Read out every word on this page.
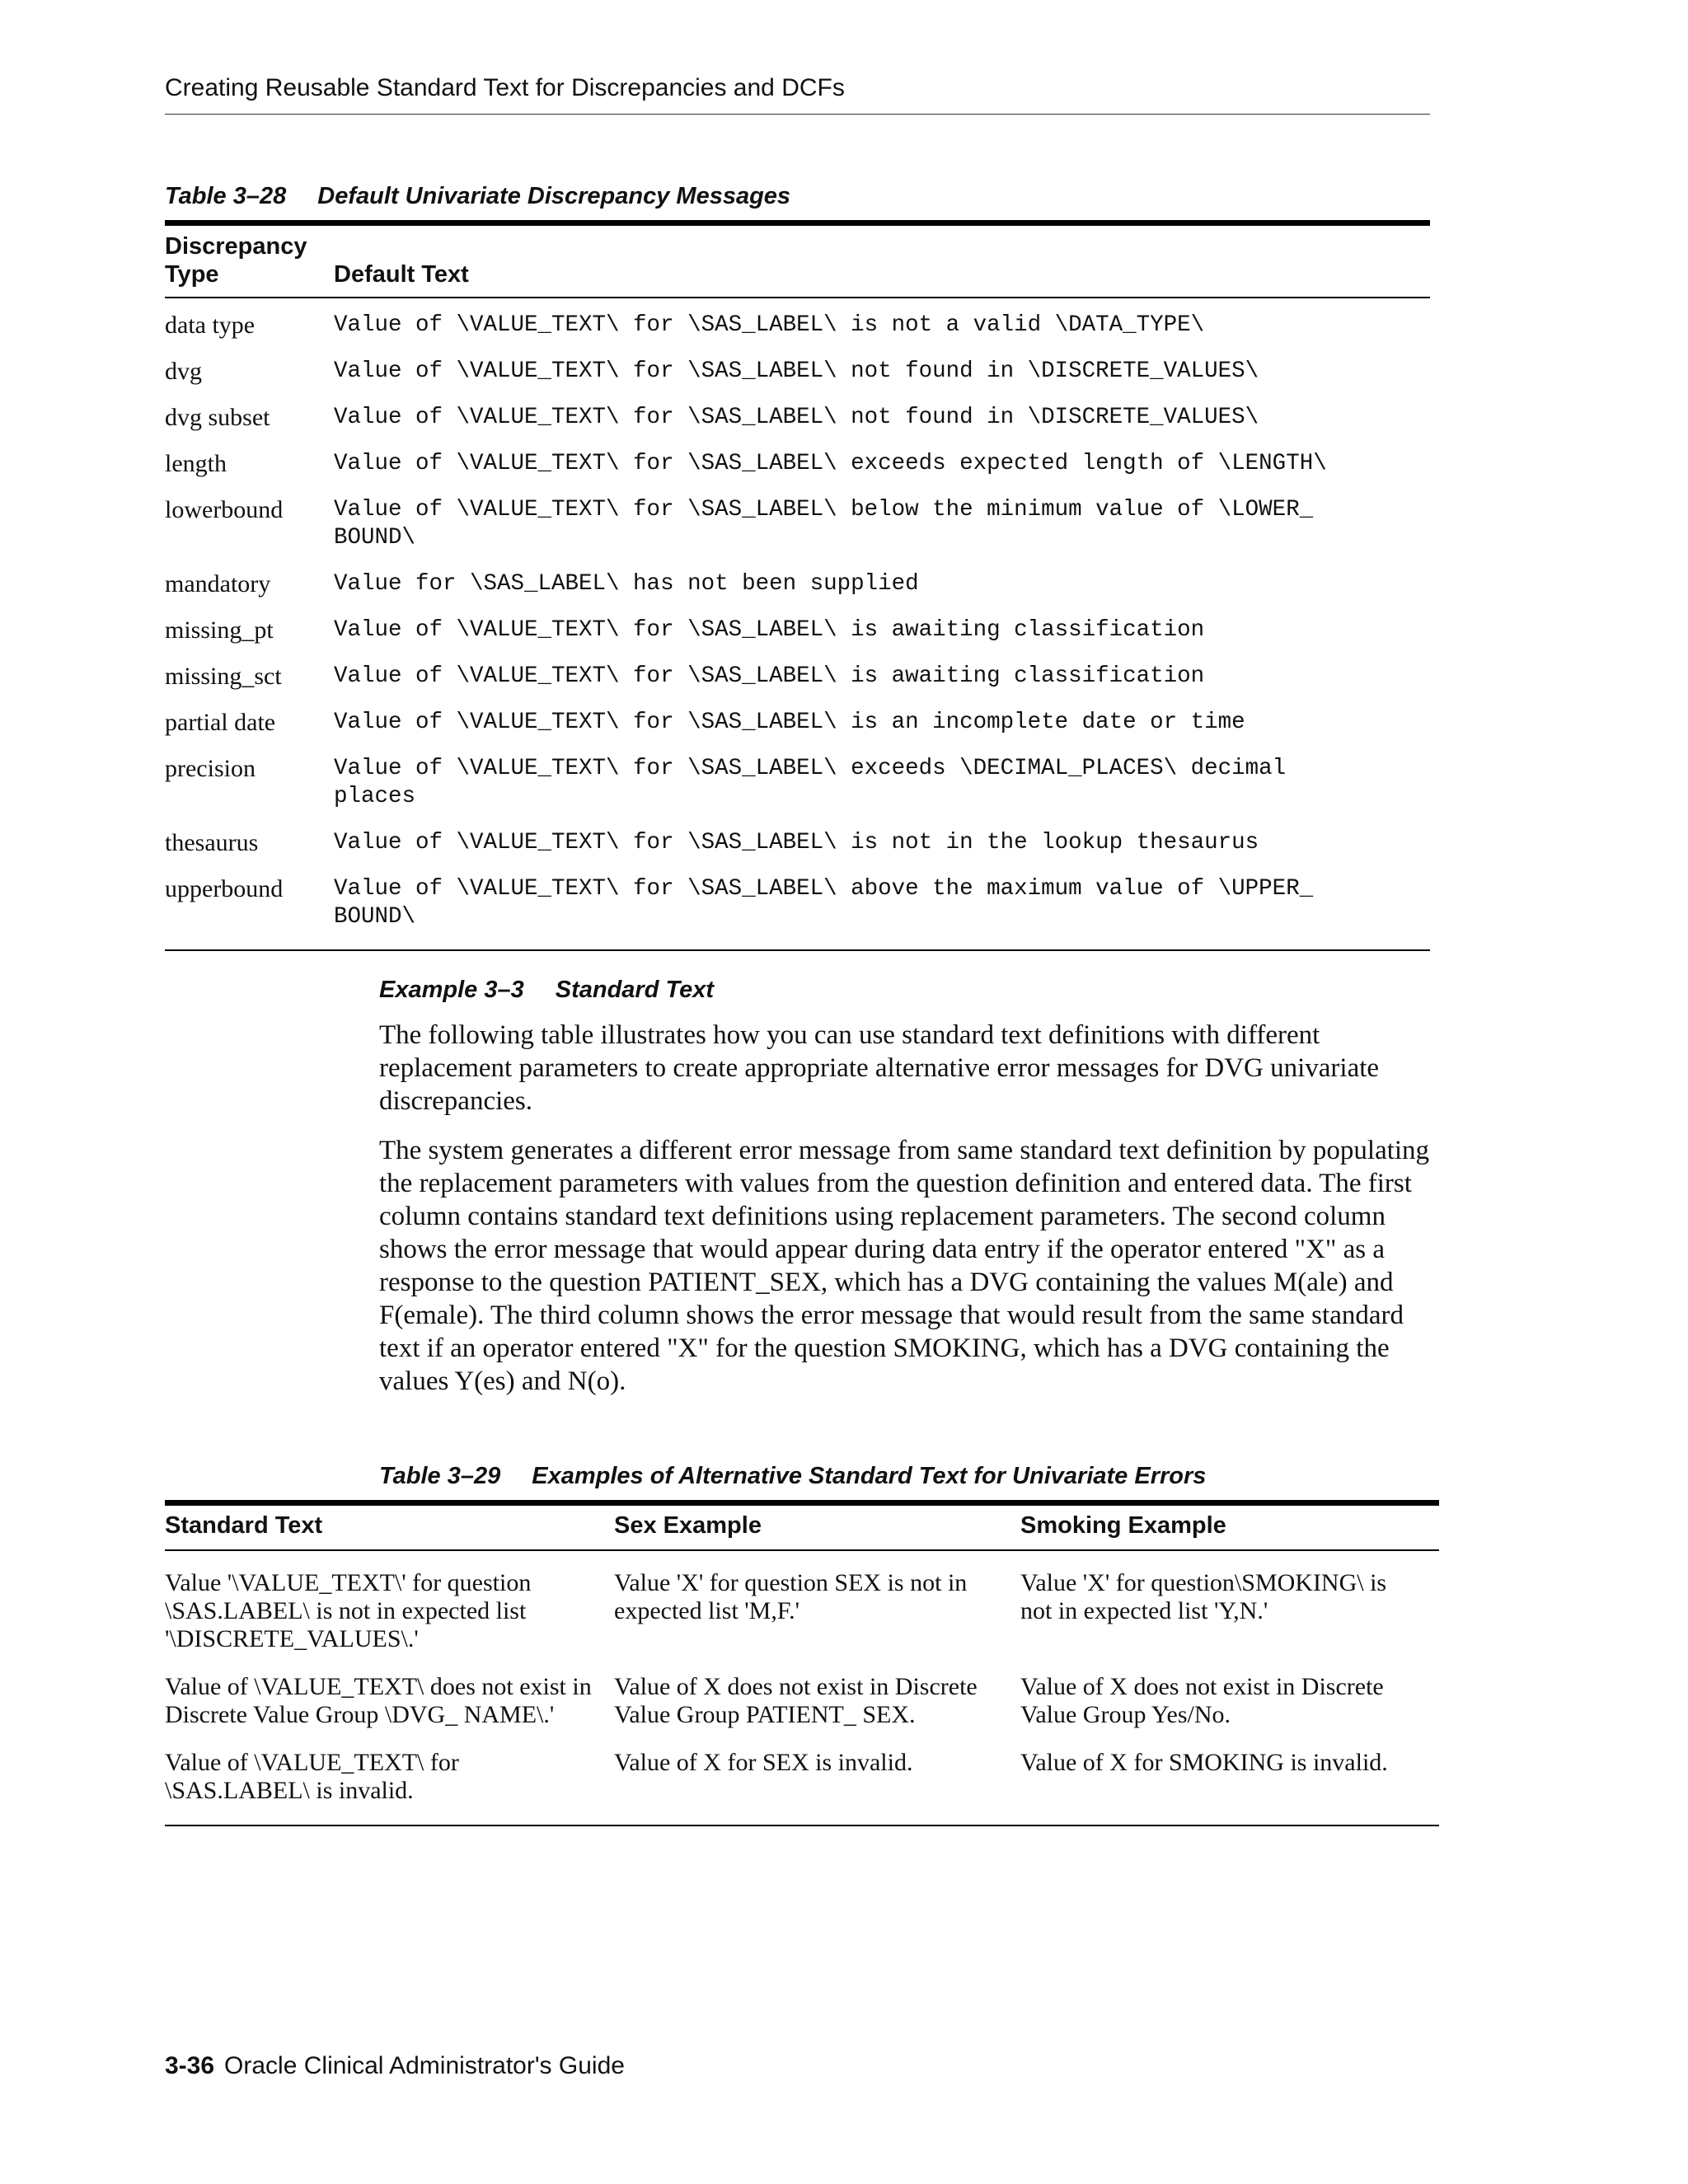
Creating Reusable Standard Text for Discrepancies and DCFs
Table 3–28 Default Univariate Discrepancy Messages
Discrepancy
Type	Default Text
data type	Value of \VALUE_TEXT\ for \SAS_LABEL\ is not a valid \DATA_TYPE\
dvg	Value of \VALUE_TEXT\ for \SAS_LABEL\ not found in \DISCRETE_VALUES\
dvg subset	Value of \VALUE_TEXT\ for \SAS_LABEL\ not found in \DISCRETE_VALUES\
length	Value of \VALUE_TEXT\ for \SAS_LABEL\ exceeds expected length of \LENGTH\
lowerbound	Value of \VALUE_TEXT\ for \SAS_LABEL\ below the minimum value of \LOWER_
BOUND\
mandatory	Value for \SAS_LABEL\ has not been supplied
missing_pt	Value of \VALUE_TEXT\ for \SAS_LABEL\ is awaiting classification
missing_sct	Value of \VALUE_TEXT\ for \SAS_LABEL\ is awaiting classification
partial date	Value of \VALUE_TEXT\ for \SAS_LABEL\ is an incomplete date or time
precision	Value of \VALUE_TEXT\ for \SAS_LABEL\ exceeds \DECIMAL_PLACES\ decimal
places
thesaurus	Value of \VALUE_TEXT\ for \SAS_LABEL\ is not in the lookup thesaurus
upperbound	Value of \VALUE_TEXT\ for \SAS_LABEL\ above the maximum value of \UPPER_
BOUND\
Example 3–3 Standard Text

The following table illustrates how you can use standard text definitions with different replacement parameters to create appropriate alternative error messages for DVG univariate discrepancies.

The system generates a different error message from same standard text definition by populating the replacement parameters with values from the question definition and entered data. The first column contains standard text definitions using replacement parameters. The second column shows the error message that would appear during data entry if the operator entered "X" as a response to the question PATIENT_SEX, which has a DVG containing the values M(ale) and F(emale). The third column shows the error message that would result from the same standard text if an operator entered "X" for the question SMOKING, which has a DVG containing the values Y(es) and N(o).

Table 3–29 Examples of Alternative Standard Text for Univariate Errors
Standard Text	Sex Example	Smoking Example
Value '\VALUE_TEXT\' for question \SAS.LABEL\ is not in expected list '\DISCRETE_VALUES\.'	Value 'X' for question SEX is not in expected list 'M,F.'	Value 'X' for question\SMOKING\ is not in expected list 'Y,N.'
Value of \VALUE_TEXT\ does not exist in Discrete Value Group \DVG_ NAME\.'	Value of X does not exist in Discrete Value Group PATIENT_ SEX.	Value of X does not exist in Discrete Value Group Yes/No.
Value of \VALUE_TEXT\ for \SAS.LABEL\ is invalid.	Value of X for SEX is invalid.	Value of X for SMOKING is invalid.
3-36 Oracle Clinical Administrator's Guide
